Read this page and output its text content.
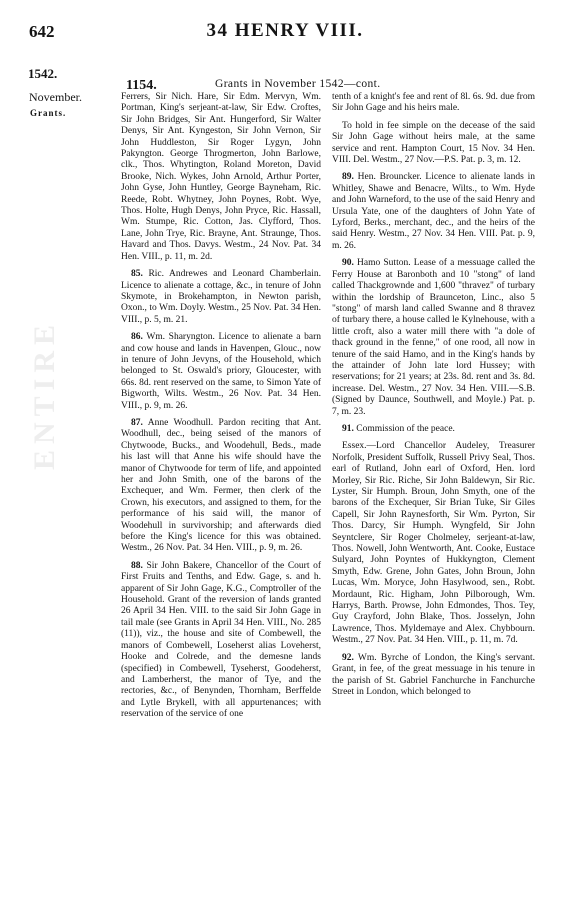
642	34 HENRY VIII.
1542.
1154.	Grants in November 1542—cont.
November.
Grants.
ENTIRE

Ferrers, Sir Nich. Hare, Sir Edm. Mervyn, Wm. Portman, King's serjeant-at-law, Sir Edw. Croftes, Sir John Bridges, Sir Ant. Hungerford, Sir Walter Denys, Sir Ant. Kyngeston, Sir John Vernon, Sir John Huddleston, Sir Roger Lygyn, John Pakyngton. George Throgmerton, John Barlowe, clk., Thos. Whytington, Roland Moreton, David Brooke, Nich. Wykes, John Arnold, Arthur Porter, John Gyse, John Huntley, George Bayneham, Ric. Reede, Robt. Whytney, John Poynes, Robt. Wye, Thos. Holte, Hugh Denys, John Pryce, Ric. Hassall, Wm. Stumpe, Ric. Cotton, Jas. Clyfford, Thos. Lane, John Trye, Ric. Brayne, Ant. Straunge, Thos. Havard and Thos. Davys. Westm., 24 Nov. Pat. 34 Hen. VIII., p. 11, m. 2d.

85. Ric. Andrewes and Leonard Chamberlain. Licence to alienate a cottage, &c., in tenure of John Skymote, in Brokehampton, in Newton parish, Oxon., to Wm. Doyly. Westm., 25 Nov. Pat. 34 Hen. VIII., p. 5, m. 21.

86. Wm. Sharyngton. Licence to alienate a barn and cow house and lands in Havenpen, Glouc., now in tenure of John Jevyns, of the Household, which belonged to St. Oswald's priory, Gloucester, with 66s. 8d. rent reserved on the same, to Simon Yate of Bigworth, Wilts. Westm., 26 Nov. Pat. 34 Hen. VIII., p. 9, m. 26.

87. Anne Woodhull. Pardon reciting that Ant. Woodhull, dec., being seised of the manors of Chytwoode, Bucks., and Woodehull, Beds., made his last will that Anne his wife should have the manor of Chytwoode for term of life, and appointed her and John Smith, one of the barons of the Exchequer, and Wm. Fermer, then clerk of the Crown, his executors, and assigned to them, for the performance of his said will, the manor of Woodehull in survivorship; and afterwards died before the King's licence for this was obtained. Westm., 26 Nov. Pat. 34 Hen. VIII., p. 9, m. 26.

88. Sir John Bakere, Chancellor of the Court of First Fruits and Tenths, and Edw. Gage, s. and h. apparent of Sir John Gage, K.G., Comptroller of the Household. Grant of the reversion of lands granted 26 April 34 Hen. VIII. to the said Sir John Gage in tail male (see Grants in April 34 Hen. VIII., No. 285 (11)), viz., the house and site of Combewell, the manors of Combewell, Loseherst alias Loveherst, Hooke and Colrede, and the demesne lands (specified) in Combewell, Tyseherst, Goodeherst, and Lamberherst, the manor of Tye, and the rectories, &c., of Benynden, Thornham, Berffelde and Lytle Brykell, with all appurtenances; with reservation of the service of one

tenth of a knight's fee and rent of 8l. 6s. 9d. due from Sir John Gage and his heirs male.

To hold in fee simple on the decease of the said Sir John Gage without heirs male, at the same service and rent. Hampton Court, 15 Nov. 34 Hen. VIII. Del. Westm., 27 Nov.—P.S. Pat. p. 3, m. 12.

89. Hen. Brouncker. Licence to alienate lands in Whitley, Shawe and Benacre, Wilts., to Wm. Hyde and John Warneford, to the use of the said Henry and Ursula Yate, one of the daughters of John Yate of Lyford, Berks., merchant, dec., and the heirs of the said Henry. Westm., 27 Nov. 34 Hen. VIII. Pat. p. 9, m. 26.

90. Hamo Sutton. Lease of a messuage called the Ferry House at Baronboth and 10 "stong" of land called Thackgrownde and 1,600 "thravez" of turbary within the lordship of Braunceton, Linc., also 5 "stong" of marsh land called Swanne and 8 thravez of turbary there, a house called le Kylnehouse, with a little croft, also a water mill there with "a dole of thack ground in the fenne," of one rood, all now in tenure of the said Hamo, and in the King's hands by the attainder of John late lord Hussey; with reservations; for 21 years; at 23s. 8d. rent and 3s. 8d. increase. Del. Westm., 27 Nov. 34 Hen. VIII.—S.B. (Signed by Daunce, Southwell, and Moyle.) Pat. p. 7, m. 23.

91. Commission of the peace.

Essex.—Lord Chancellor Audeley, Treasurer Norfolk, President Suffolk, Russell Privy Seal, Thos. earl of Rutland, John earl of Oxford, Hen. lord Morley, Sir Ric. Riche, Sir John Baldewyn, Sir Ric. Lyster, Sir Humph. Broun, John Smyth, one of the barons of the Exchequer, Sir Brian Tuke, Sir Giles Capell, Sir John Raynesforth, Sir Wm. Pyrton, Sir Thos. Darcy, Sir Humph. Wyngfeld, Sir John Seyntclere, Sir Roger Cholmeley, serjeant-at-law, Thos. Nowell, John Wentworth, Ant. Cooke, Eustace Sulyard, John Poyntes of Hukkyngton, Clement Smyth, Edw. Grene, John Gates, John Broun, John Lucas, Wm. Moryce, John Hasylwood, sen., Robt. Mordaunt, Ric. Higham, John Pilborough, Wm. Harrys, Barth. Prowse, John Edmondes, Thos. Tey, Guy Crayford, John Blake, Thos. Josselyn, John Lawrence, Thos. Myldemaye and Alex. Chybbourn. Westm., 27 Nov. Pat. 34 Hen. VIII., p. 11, m. 7d.

92. Wm. Byrche of London, the King's servant. Grant, in fee, of the great messuage in his tenure in the parish of St. Gabriel Fanchurche in Fanchurche Street in London, which belonged to
